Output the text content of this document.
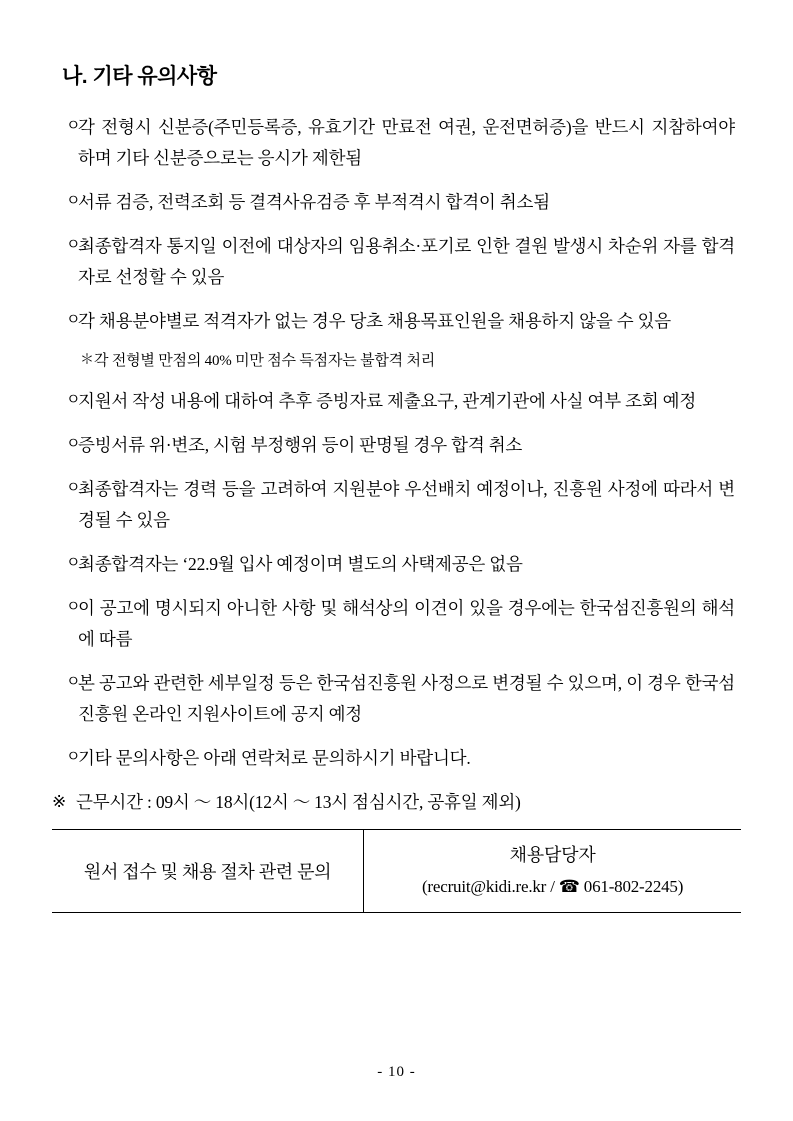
나. 기타 유의사항
ㅇ
각 전형시 신분증(주민등록증, 유효기간 만료전 여권, 운전면허증)을 반드시 지참하여야 하며 기타 신분증으로는 응시가 제한됨
ㅇ
서류 검증, 전력조회 등 결격사유검증 후 부적격시 합격이 취소됨
ㅇ
최종합격자 통지일 이전에 대상자의 임용취소·포기로 인한 결원 발생시 차순위 자를 합격자로 선정할 수 있음
ㅇ
각 채용분야별로 적격자가 없는 경우 당초 채용목표인원을 채용하지 않을 수 있음
＊ 각 전형별 만점의 40% 미만 점수 득점자는 불합격 처리
ㅇ
지원서 작성 내용에 대하여 추후 증빙자료 제출요구, 관계기관에 사실 여부 조회 예정
ㅇ
증빙서류 위·변조, 시험 부정행위 등이 판명될 경우 합격 취소
ㅇ
최종합격자는 경력 등을 고려하여 지원분야 우선배치 예정이나, 진흥원 사정에 따라서 변경될 수 있음
ㅇ
최종합격자는 ‘22.9월 입사 예정이며 별도의 사택제공은 없음
ㅇ
이 공고에 명시되지 아니한 사항 및 해석상의 이견이 있을 경우에는 한국섬진흥원의 해석에 따름
ㅇ
본 공고와 관련한 세부일정 등은 한국섬진흥원 사정으로 변경될 수 있으며, 이 경우 한국섬진흥원 온라인 지원사이트에 공지 예정
ㅇ
기타 문의사항은 아래 연락처로 문의하시기 바랍니다.
※ 근무시간 : 09시 ～ 18시(12시 ～ 13시 점심시간, 공휴일 제외)
원서 접수 및 채용 절차 관련 문의	
채용담당자
(recruit@kidi.re.kr / ☎ 061-802-2245)
- 10 -
